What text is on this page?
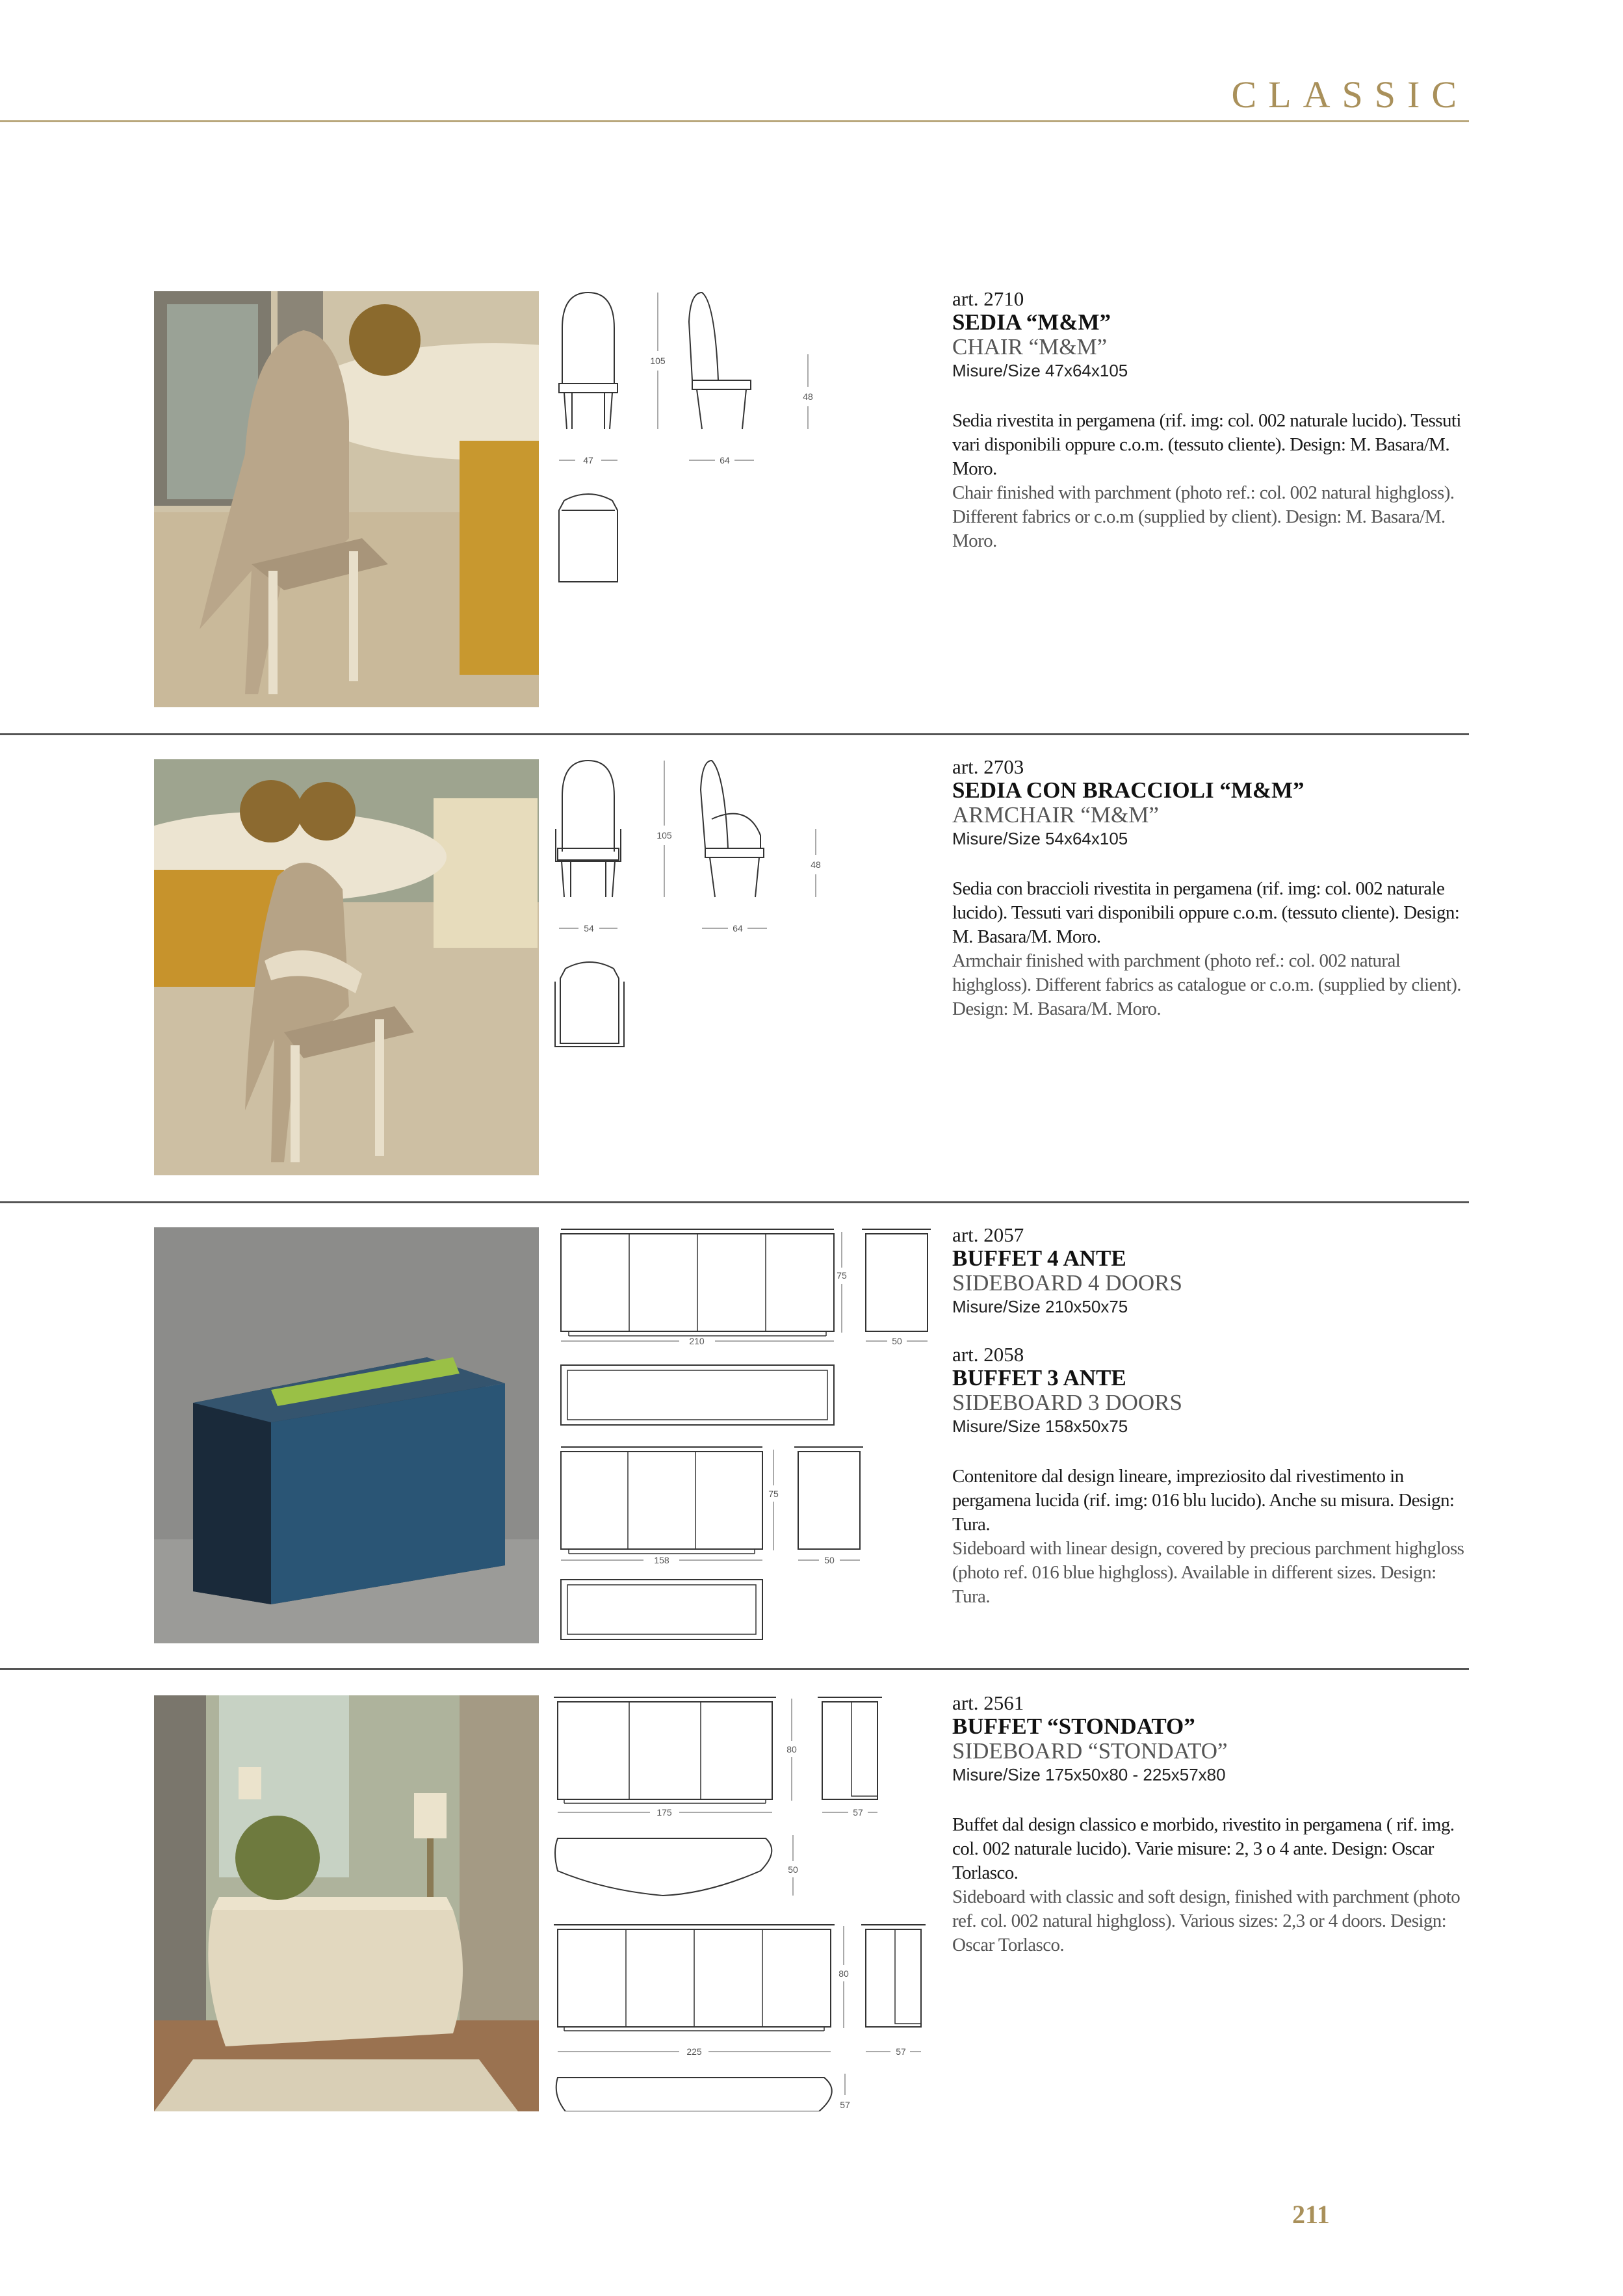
CLASSIC
47
105
64
48
art. 2710
SEDIA “M&M”
CHAIR “M&M”
Misure/Size 47x64x105
Sedia rivestita in pergamena (rif. img: col. 002 naturale lucido). Tessuti vari disponibili oppure c.o.m. (tessuto cliente). Design: M. Basara/M. Moro.
Chair finished with parchment (photo ref.: col. 002 natural highgloss). Different fabrics or c.o.m (supplied by client). Design: M. Basara/M. Moro.
54
105
64
48
art. 2703
SEDIA CON BRACCIOLI “M&M”
ARMCHAIR “M&M”
Misure/Size 54x64x105
Sedia con braccioli rivestita in pergamena (rif. img: col. 002 naturale lucido). Tessuti vari disponibili oppure c.o.m. (tessuto cliente). Design: M. Basara/M. Moro.
Armchair finished with parchment (photo ref.: col. 002 natural highgloss). Different fabrics as catalogue or c.o.m. (supplied by client). Design: M. Basara/M. Moro.
75
210	50
75
158	50
art. 2057
BUFFET 4 ANTE
SIDEBOARD 4 DOORS
Misure/Size 210x50x75
art. 2058
BUFFET 3 ANTE
SIDEBOARD 3 DOORS
Misure/Size 158x50x75
Contenitore dal design lineare, impreziosito dal rivestimento in pergamena lucida (rif. img: 016 blu lucido). Anche su misura. Design: Tura.
Sideboard with linear design, covered by precious parchment highgloss (photo ref. 016 blue highgloss). Available in different sizes. Design: Tura.
80
175	57
50
80
225	57
57
art. 2561
BUFFET “STONDATO”
SIDEBOARD “STONDATO”
Misure/Size 175x50x80 - 225x57x80
Buffet dal design classico e morbido, rivestito in pergamena ( rif. img. col. 002 naturale lucido). Varie misure: 2, 3 o 4 ante. Design: Oscar Torlasco.
Sideboard with classic and soft design, finished with parchment (photo ref. col. 002 natural highgloss). Various sizes: 2,3 or 4 doors. Design: Oscar Torlasco.
211
